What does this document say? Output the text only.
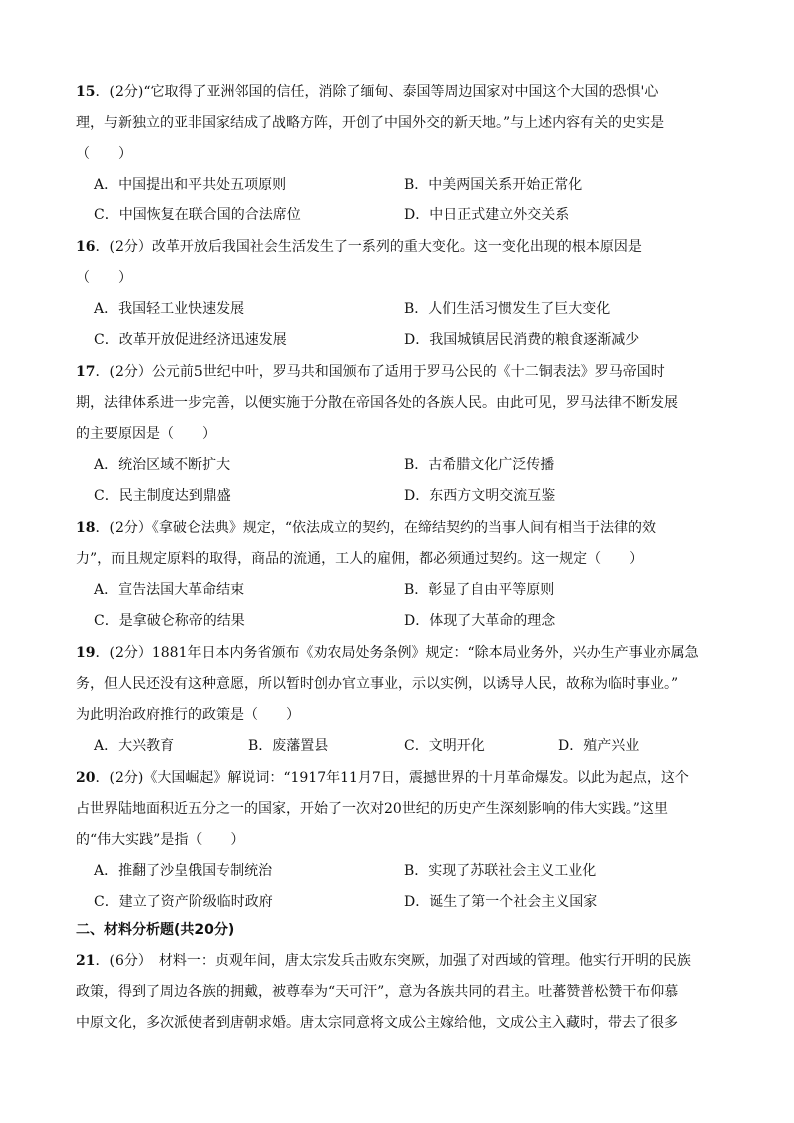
15．(2分)“它取得了亚洲邻国的信任，消除了缅甸、泰国等周边国家对中国这个大国的恐惧'心
理，与新独立的亚非国家结成了战略方阵，开创了中国外交的新天地。”与上述内容有关的史实是
（　　）
A．中国提出和平共处五项原则	B．中美两国关系开始正常化
C．中国恢复在联合国的合法席位	D．中日正式建立外交关系
16．(2分）改革开放后我国社会生活发生了一系列的重大变化。这一变化出现的根本原因是
（　　）
A．我国轻工业快速发展	B．人们生活习惯发生了巨大变化
C．改革开放促进经济迅速发展	D．我国城镇居民消费的粮食逐渐减少
17．(2分）公元前5世纪中叶，罗马共和国颁布了适用于罗马公民的《十二铜表法》罗马帝国时
期，法律体系进一步完善，以便实施于分散在帝国各处的各族人民。由此可见，罗马法律不断发展
的主要原因是（　　）
A．统治区域不断扩大	B．古希腊文化广泛传播
C．民主制度达到鼎盛	D．东西方文明交流互鉴
18．(2分）《拿破仑法典》规定，“依法成立的契约，在缔结契约的当事人间有相当于法律的效
力”，而且规定原料的取得，商品的流通，工人的雇佣，都必须通过契约。这一规定（　　）
A．宣告法国大革命结束	B．彰显了自由平等原则
C．是拿破仑称帝的结果	D．体现了大革命的理念
19．(2分）1881年日本内务省颁布《劝农局处务条例》规定：“除本局业务外，兴办生产事业亦属急
务，但人民还没有这种意愿，所以暂时创办官立事业，示以实例，以诱导人民，故称为临时事业。”
为此明治政府推行的政策是（　　）
A．大兴教育	B．废藩置县	C．文明开化	D．殖产兴业
20．(2分)《大国崛起》解说词：“1917年11月7日，震撼世界的十月革命爆发。以此为起点，这个
占世界陆地面积近五分之一的国家，开始了一次对20世纪的历史产生深刻影响的伟大实践。”这里
的“伟大实践”是指（　　）
A．推翻了沙皇俄国专制统治	B．实现了苏联社会主义工业化
C．建立了资产阶级临时政府	D．诞生了第一个社会主义国家
二、材料分析题(共20分)
21．(6分）　材料一：贞观年间，唐太宗发兵击败东突厥，加强了对西域的管理。他实行开明的民族
政策，得到了周边各族的拥戴，被尊奉为“天可汗”，意为各族共同的君主。吐蕃赞普松赞干布仰慕
中原文化，多次派使者到唐朝求婚。唐太宗同意将文成公主嫁给他，文成公主入藏时，带去了很多
